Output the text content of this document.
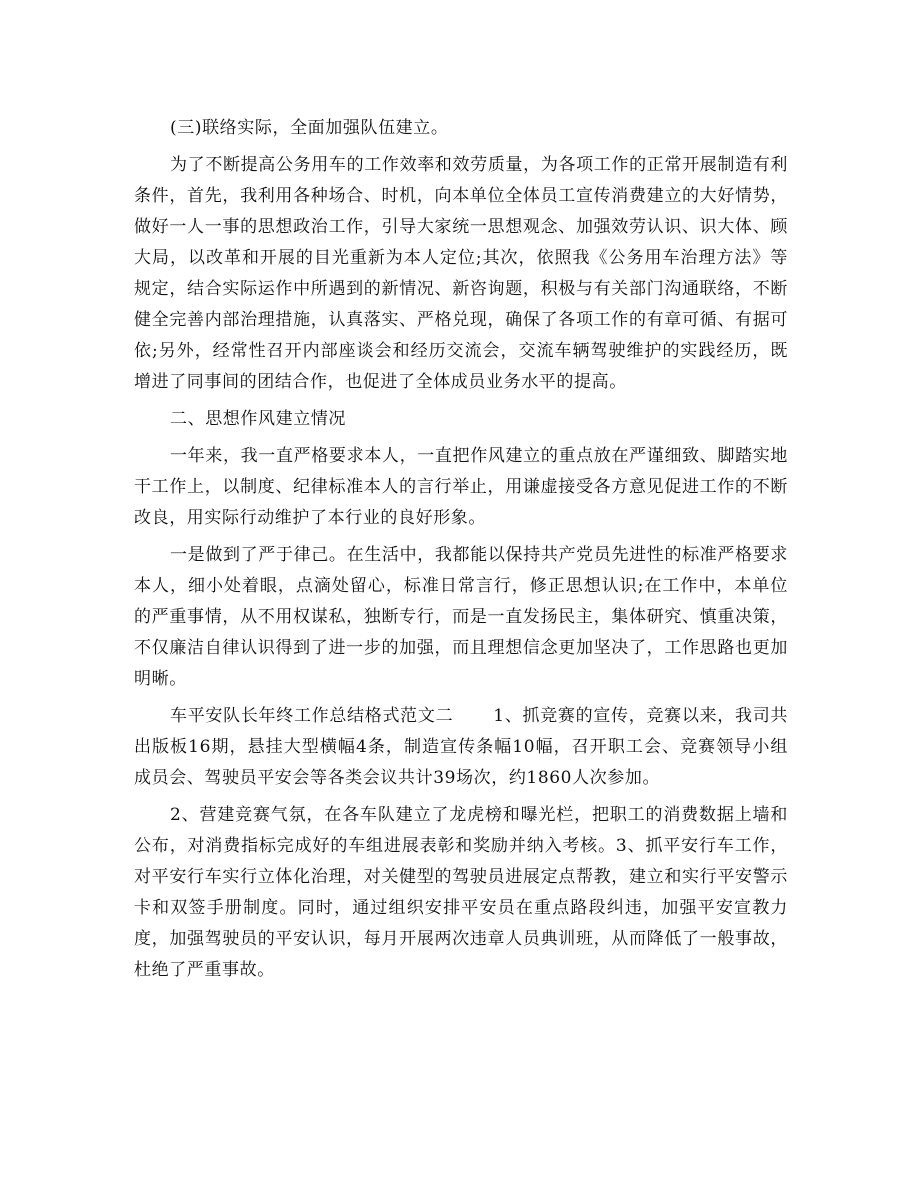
(三)联络实际，全面加强队伍建立。

为了不断提高公务用车的工作效率和效劳质量，为各项工作的正常开展制造有利条件，首先，我利用各种场合、时机，向本单位全体员工宣传消费建立的大好情势，做好一人一事的思想政治工作，引导大家统一思想观念、加强效劳认识、识大体、顾大局，以改革和开展的目光重新为本人定位;其次，依照我《公务用车治理方法》等规定，结合实际运作中所遇到的新情况、新咨询题，积极与有关部门沟通联络，不断健全完善内部治理措施，认真落实、严格兑现，确保了各项工作的有章可循、有据可依;另外，经常性召开内部座谈会和经历交流会，交流车辆驾驶维护的实践经历，既增进了同事间的团结合作，也促进了全体成员业务水平的提高。

二、思想作风建立情况

一年来，我一直严格要求本人，一直把作风建立的重点放在严谨细致、脚踏实地干工作上，以制度、纪律标准本人的言行举止，用谦虚接受各方意见促进工作的不断改良，用实际行动维护了本行业的良好形象。

一是做到了严于律己。在生活中，我都能以保持共产党员先进性的标准严格要求本人，细小处着眼，点滴处留心，标准日常言行，修正思想认识;在工作中，本单位的严重事情，从不用权谋私，独断专行，而是一直发扬民主，集体研究、慎重决策，不仅廉洁自律认识得到了进一步的加强，而且理想信念更加坚决了，工作思路也更加明晰。

车平安队长年终工作总结格式范文二 1、抓竞赛的宣传，竞赛以来，我司共出版板16期，悬挂大型横幅4条，制造宣传条幅10幅，召开职工会、竞赛领导小组成员会、驾驶员平安会等各类会议共计39场次，约1860人次参加。

2、营建竞赛气氛，在各车队建立了龙虎榜和曝光栏，把职工的消费数据上墙和公布，对消费指标完成好的车组进展表彰和奖励并纳入考核。3、抓平安行车工作，对平安行车实行立体化治理，对关健型的驾驶员进展定点帮教，建立和实行平安警示卡和双签手册制度。同时，通过组织安排平安员在重点路段纠违，加强平安宣教力度，加强驾驶员的平安认识，每月开展两次违章人员典训班，从而降低了一般事故，杜绝了严重事故。
